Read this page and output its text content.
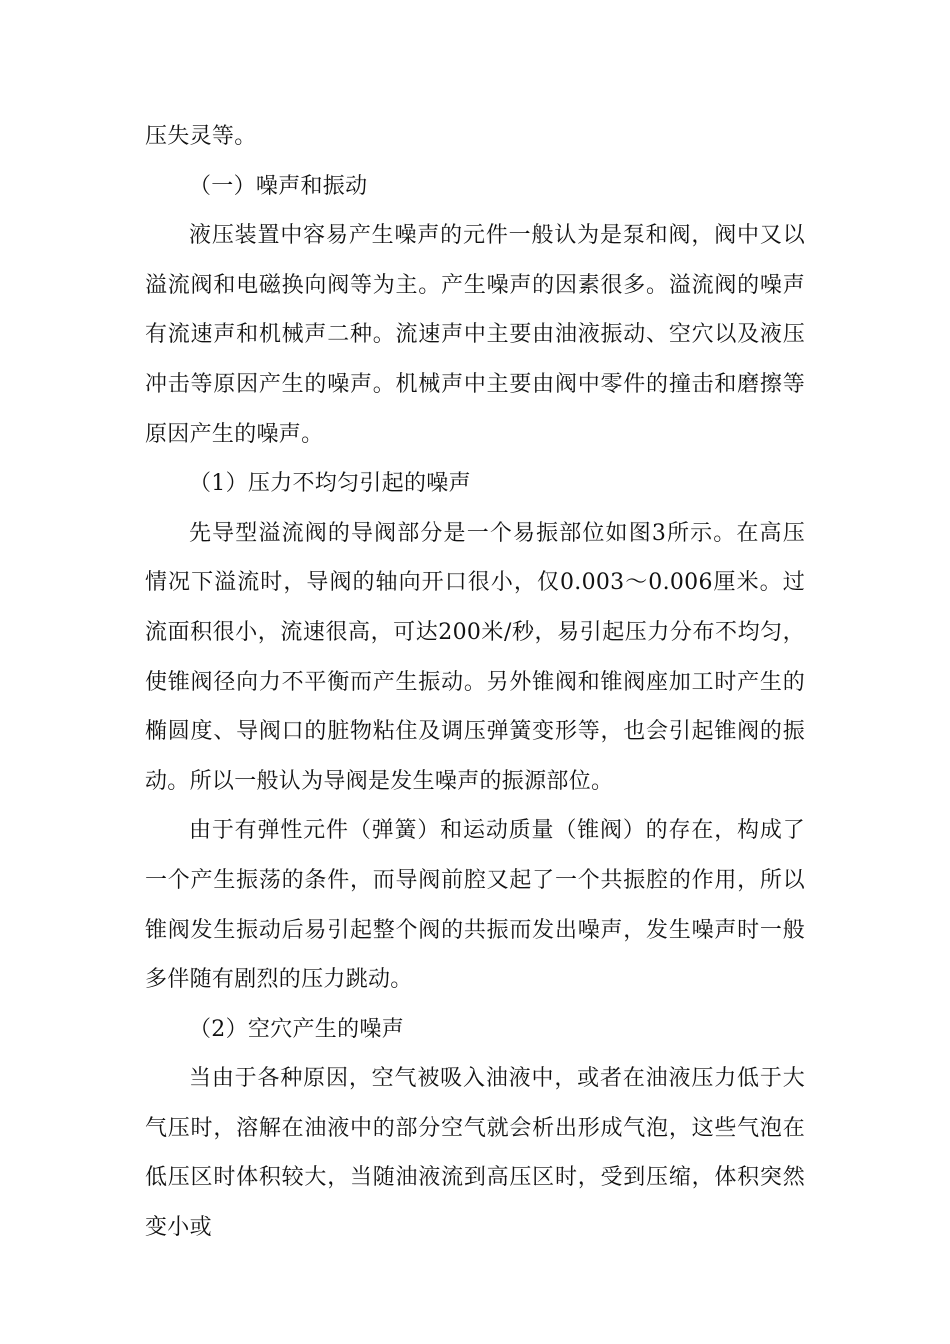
压失灵等。

（一）噪声和振动

液压装置中容易产生噪声的元件一般认为是泵和阀，阀中又以溢流阀和电磁换向阀等为主。产生噪声的因素很多。溢流阀的噪声有流速声和机械声二种。流速声中主要由油液振动、空穴以及液压冲击等原因产生的噪声。机械声中主要由阀中零件的撞击和磨擦等原因产生的噪声。

（1）压力不均匀引起的噪声

先导型溢流阀的导阀部分是一个易振部位如图3所示。在高压情况下溢流时，导阀的轴向开口很小，仅0.003～0.006厘米。过流面积很小，流速很高，可达200米/秒，易引起压力分布不均匀，使锥阀径向力不平衡而产生振动。另外锥阀和锥阀座加工时产生的椭圆度、导阀口的脏物粘住及调压弹簧变形等，也会引起锥阀的振动。所以一般认为导阀是发生噪声的振源部位。

由于有弹性元件（弹簧）和运动质量（锥阀）的存在，构成了一个产生振荡的条件，而导阀前腔又起了一个共振腔的作用，所以锥阀发生振动后易引起整个阀的共振而发出噪声，发生噪声时一般多伴随有剧烈的压力跳动。

（2）空穴产生的噪声

当由于各种原因，空气被吸入油液中，或者在油液压力低于大气压时，溶解在油液中的部分空气就会析出形成气泡，这些气泡在低压区时体积较大，当随油液流到高压区时，受到压缩，体积突然变小或
